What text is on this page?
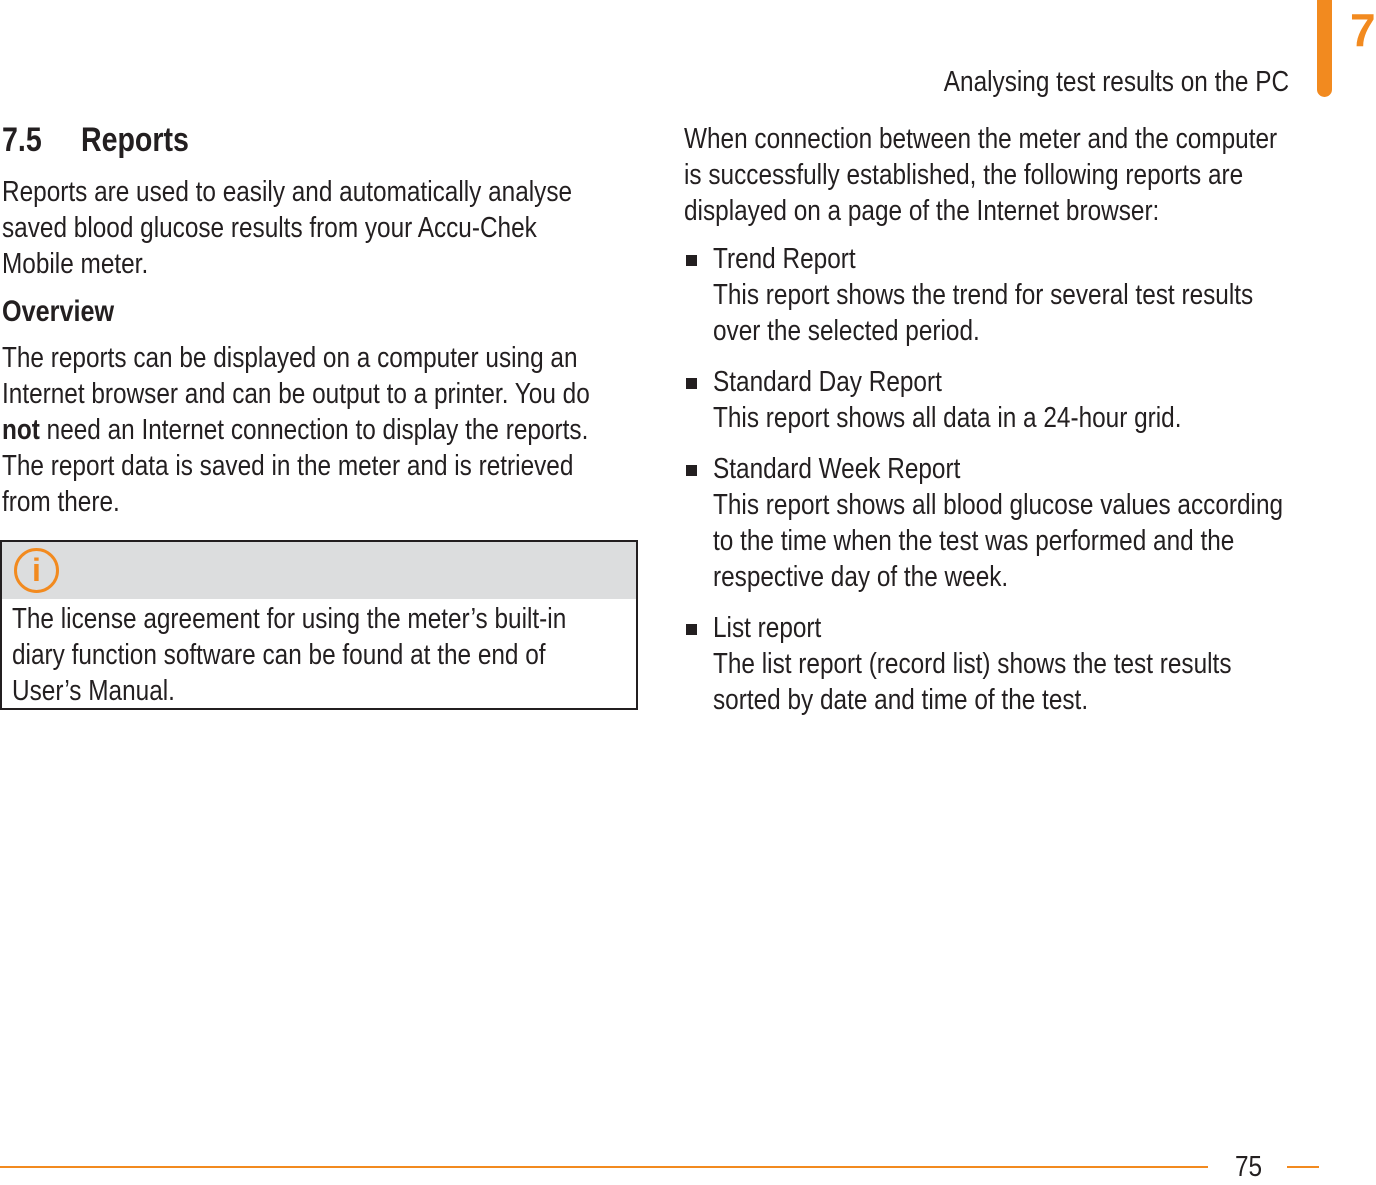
Analysing test results on the PC
7
7.5 Reports
Reports are used to easily and automatically analyse
saved blood glucose results from your Accu-Chek
Mobile meter.
Overview
The reports can be displayed on a computer using an
Internet browser and can be output to a printer. You do
not need an Internet connection to display the reports.
The report data is saved in the meter and is retrieved
from there.
i
The license agreement for using the meter’s built-in
diary function software can be found at the end of
User’s Manual.
When connection between the meter and the computer
is successfully established, the following reports are
displayed on a page of the Internet browser:
Trend Report
This report shows the trend for several test results
over the selected period.
Standard Day Report
This report shows all data in a 24-hour grid.
Standard Week Report
This report shows all blood glucose values according
to the time when the test was performed and the
respective day of the week.
List report
The list report (record list) shows the test results
sorted by date and time of the test.
75
